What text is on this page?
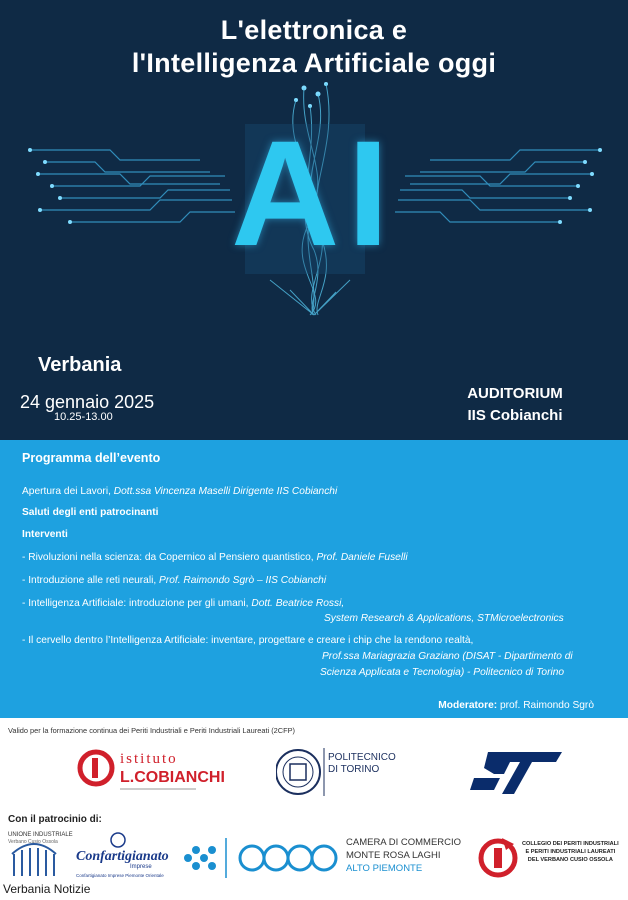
L'elettronica e
l'Intelligenza Artificiale oggi
AI
Verbania
24 gennaio 2025
10.25-13.00
AUDITORIUM
IIS Cobianchi
Programma dell’evento
Apertura dei Lavori, Dott.ssa Vincenza Maselli Dirigente IIS Cobianchi
Saluti degli enti patrocinanti
Interventi
- Rivoluzioni nella scienza: da Copernico al Pensiero quantistico, Prof. Daniele Fuselli
- Introduzione alle reti neurali, Prof. Raimondo Sgrò – IIS Cobianchi
- Intelligenza Artificiale: introduzione per gli umani, Dott. Beatrice Rossi,
System Research & Applications, STMicroelectronics
- Il cervello dentro l’Intelligenza Artificiale: inventare, progettare e creare i chip che la rendono realtà,
Prof.ssa Mariagrazia Graziano (DISAT - Dipartimento di
Scienza Applicata e Tecnologia) - Politecnico di Torino
Moderatore: prof. Raimondo Sgrò
Valido per la formazione continua dei Periti Industriali e Periti Industriali Laureati (2CFP)
istituto
L.COBIANCHI
POLITECNICO
DI TORINO
ST
Con il patrocinio di:
UNIONE INDUSTRIALE
Verbano Cusio Ossola
Confartigianato
Imprese
Confartigianato Imprese Piemonte Orientale
CAMERA DI COMMERCIO
MONTE ROSA LAGHI
ALTO PIEMONTE
COLLEGIO DEI PERITI INDUSTRIALI
E PERITI INDUSTRIALI LAUREATI
DEL VERBANO CUSIO OSSOLA
Verbania Notizie
